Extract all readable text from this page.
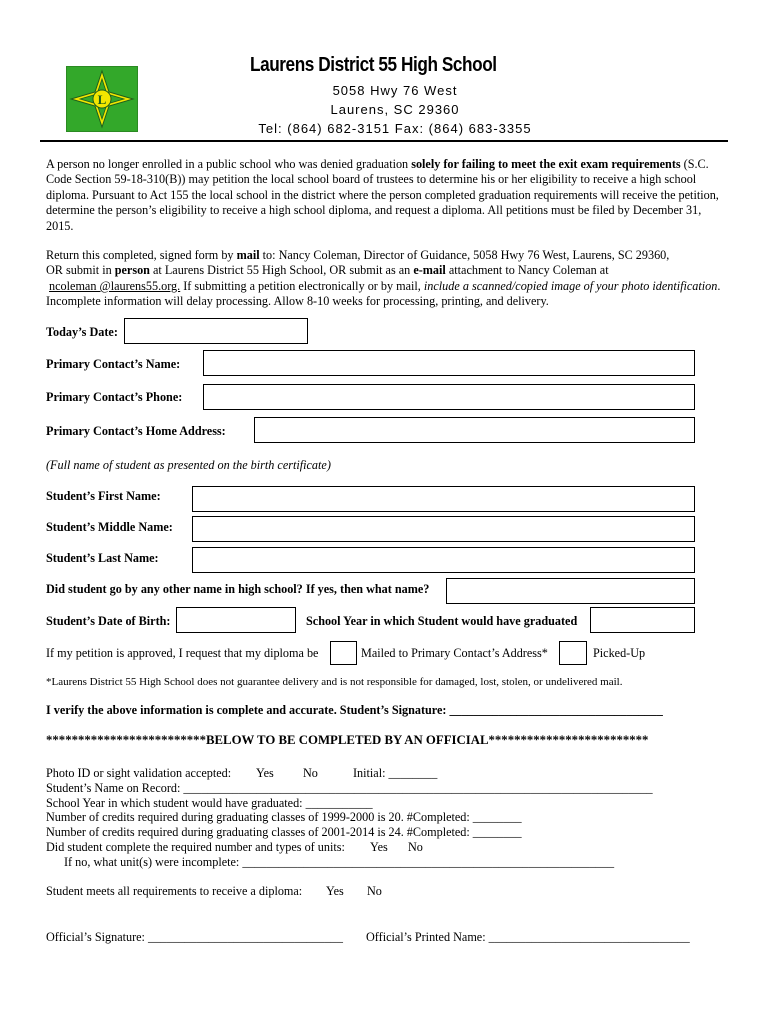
L
Laurens District 55 High School
5058 Hwy 76 West
Laurens, SC 29360
Tel: (864) 682-3151 Fax: (864) 683-3355
A person no longer enrolled in a public school who was denied graduation solely for failing to meet the exit exam requirements (S.C. Code Section 59-18-310(B)) may petition the local school board of trustees to determine his or her eligibility to receive a high school diploma. Pursuant to Act 155 the local school in the district where the person completed graduation requirements will receive the petition, determine the person’s eligibility to receive a high school diploma, and request a diploma. All petitions must be filed by December 31, 2015.
Return this completed, signed form by mail to: Nancy Coleman, Director of Guidance, 5058 Hwy 76 West, Laurens, SC 29360,
OR submit in person at Laurens District 55 High School, OR submit as an e-mail attachment to Nancy Coleman at
ncoleman @laurens55.org. If submitting a petition electronically or by mail, include a scanned/copied image of your photo identification. Incomplete information will delay processing. Allow 8-10 weeks for processing, printing, and delivery.
Today’s Date:
Primary Contact’s Name:
Primary Contact’s Phone:
Primary Contact’s Home Address:
(Full name of student as presented on the birth certificate)
Student’s First Name:
Student’s Middle Name:
Student’s Last Name:
Did student go by any other name in high school? If yes, then what name?
Student’s Date of Birth:	School Year in which Student would have graduated
If my petition is approved, I request that my diploma be	Mailed to Primary Contact’s Address*	Picked-Up
*Laurens District 55 High School does not guarantee delivery and is not responsible for damaged, lost, stolen, or undelivered mail.
I verify the above information is complete and accurate. Student’s Signature: ___________________________________
*************************BELOW TO BE COMPLETED BY AN OFFICIAL*************************
Photo ID or sight validation accepted: Yes No	Initial: ________
Student’s Name on Record: _____________________________________________________________________________
School Year in which student would have graduated: ___________
Number of credits required during graduating classes of 1999-2000 is 20. #Completed: ________
Number of credits required during graduating classes of 2001-2014 is 24. #Completed: ________
Did student complete the required number and types of units: Yes No
If no, what unit(s) were incomplete: _____________________________________________________________
Student meets all requirements to receive a diploma: Yes No
Official’s Signature: ________________________________ Official’s Printed Name: _________________________________
